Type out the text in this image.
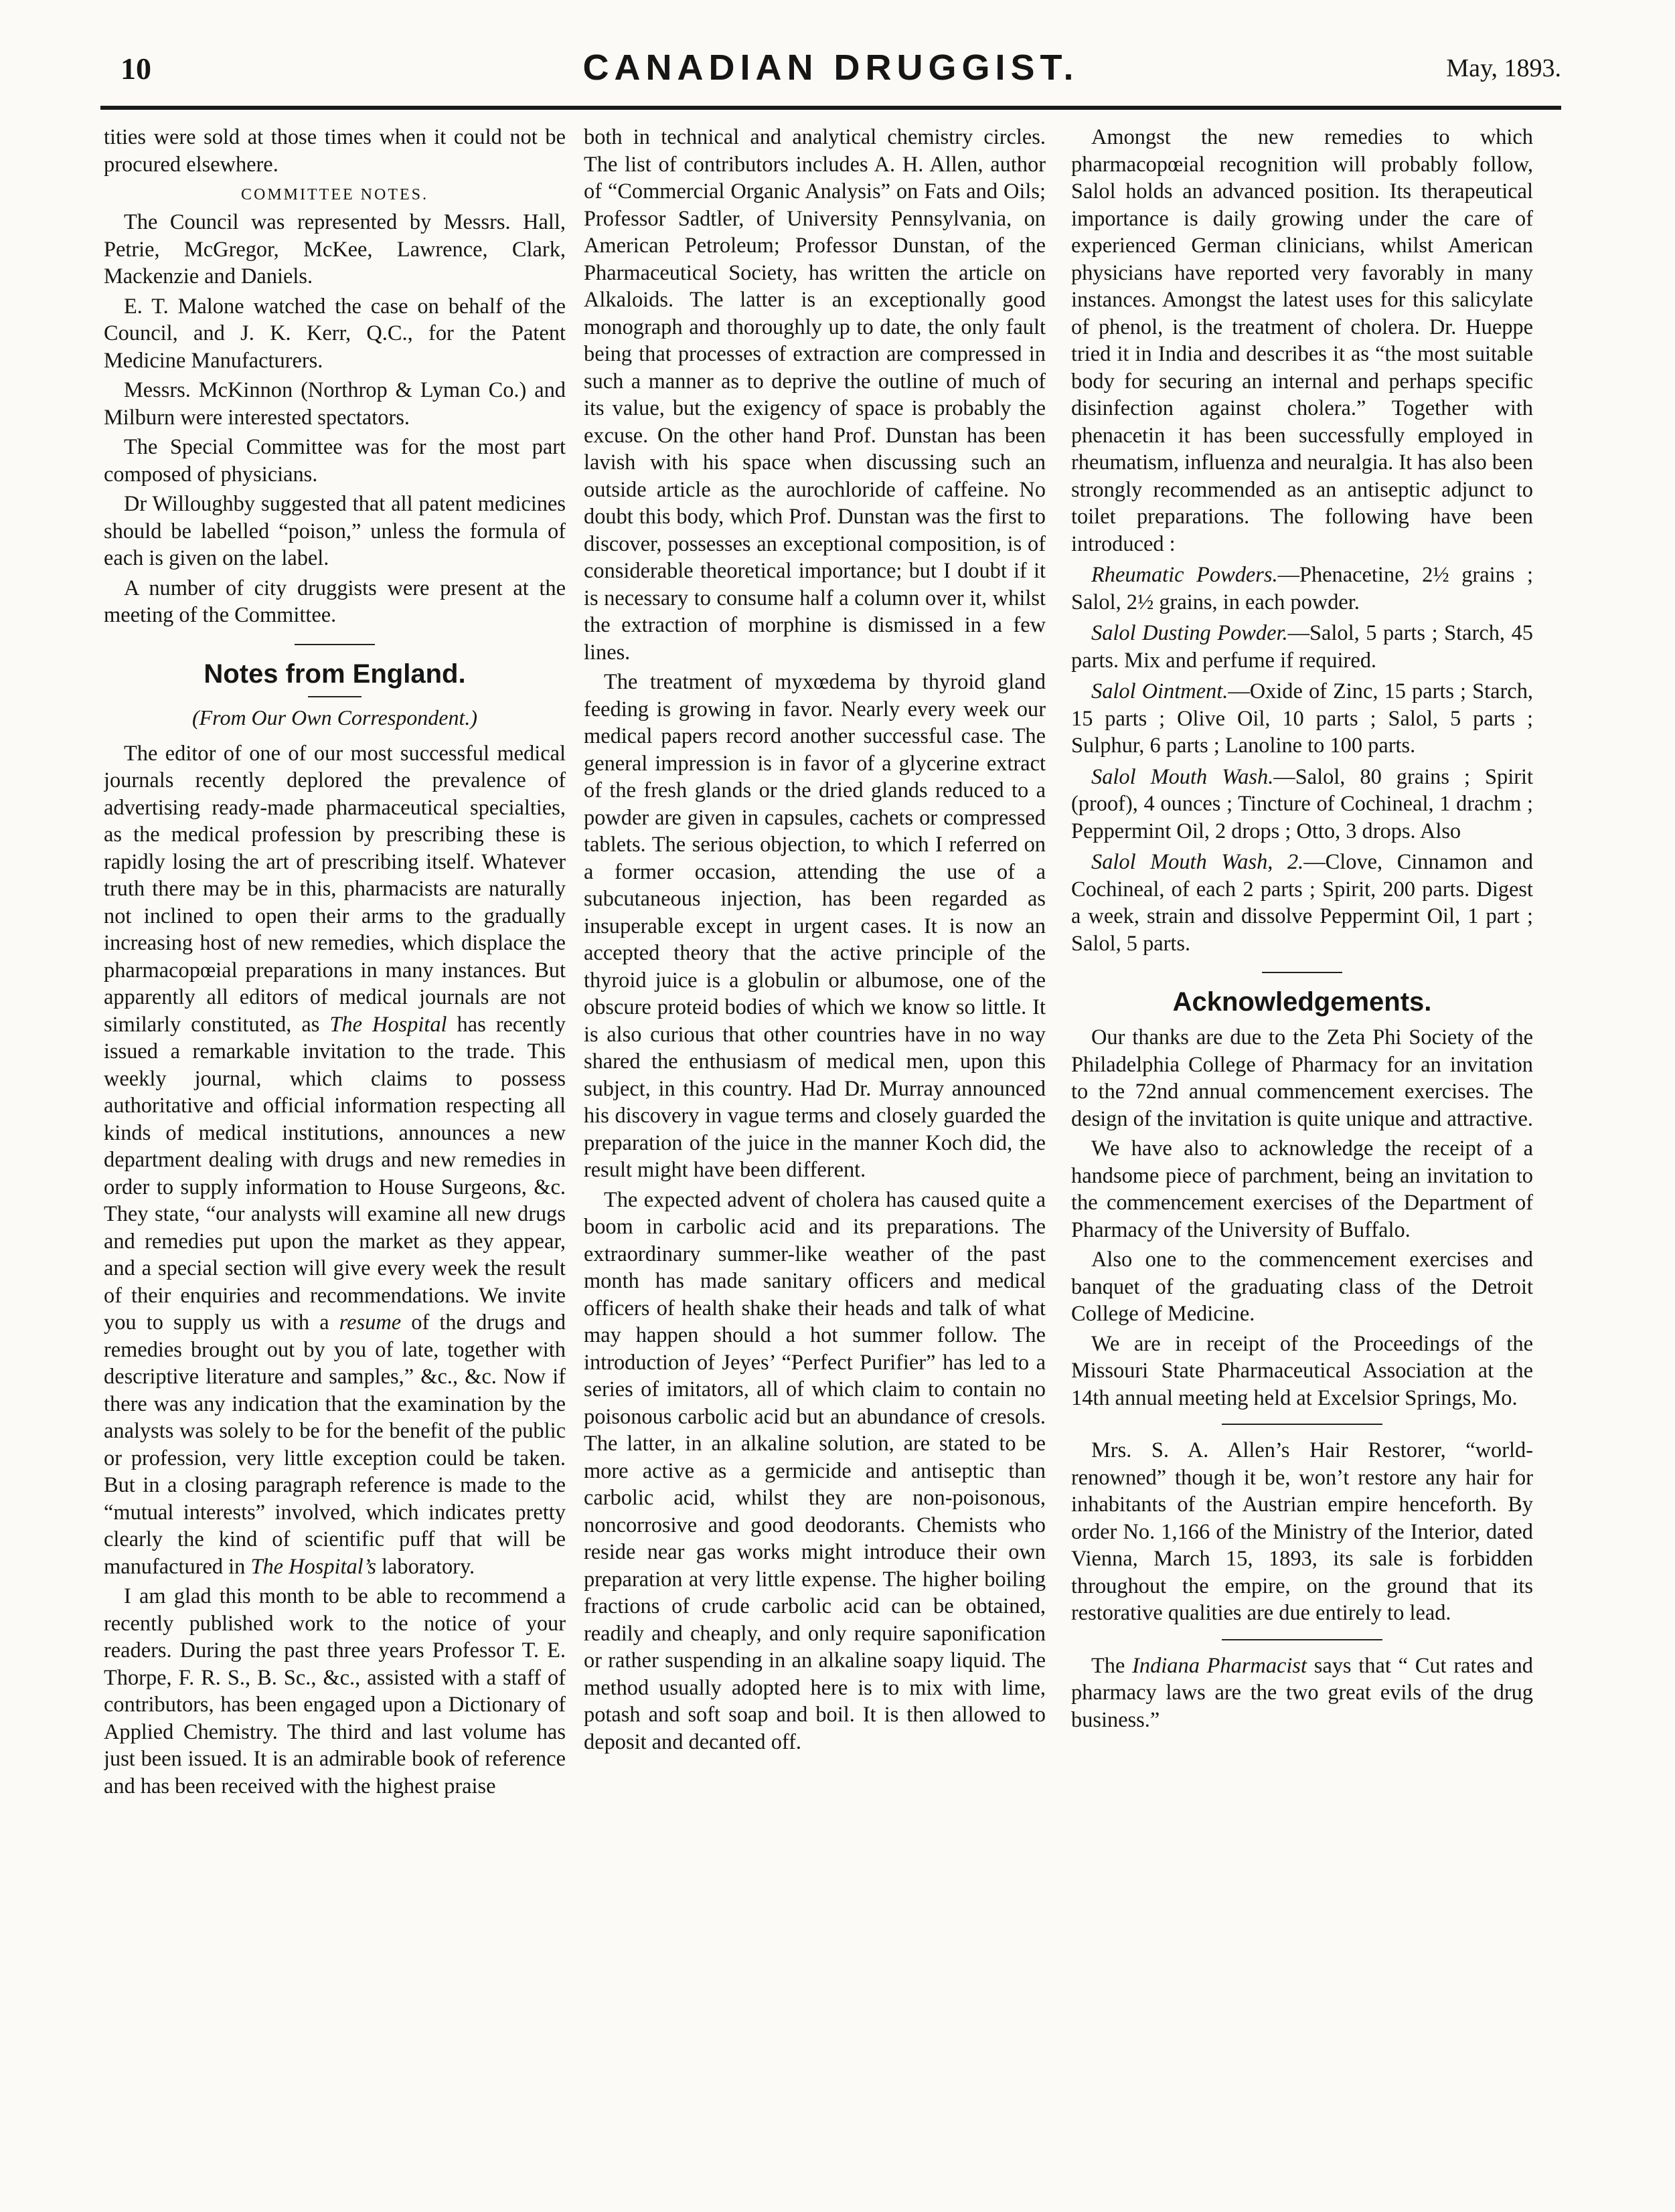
10	CANADIAN DRUGGIST.	May, 1893.

tities were sold at those times when it could not be procured elsewhere.

COMMITTEE NOTES.

The Council was represented by Messrs. Hall, Petrie, McGregor, McKee, Lawrence, Clark, Mackenzie and Daniels.

E. T. Malone watched the case on behalf of the Council, and J. K. Kerr, Q.C., for the Patent Medicine Manufacturers.

Messrs. McKinnon (Northrop & Lyman Co.) and Milburn were interested spectators.

The Special Committee was for the most part composed of physicians.

Dr Willoughby suggested that all patent medicines should be labelled “poison,” unless the formula of each is given on the label.

A number of city druggists were present at the meeting of the Committee.

Notes from England.
(From Our Own Correspondent.)

The editor of one of our most successful medical journals recently deplored the prevalence of advertising ready-made pharmaceutical specialties, as the medical profession by prescribing these is rapidly losing the art of prescribing itself. Whatever truth there may be in this, pharmacists are naturally not inclined to open their arms to the gradually increasing host of new remedies, which displace the pharmacopœial preparations in many instances. But apparently all editors of medical journals are not similarly constituted, as The Hospital has recently issued a remarkable invitation to the trade. This weekly journal, which claims to possess authoritative and official information respecting all kinds of medical institutions, announces a new department dealing with drugs and new remedies in order to supply information to House Surgeons, &c. They state, “our analysts will examine all new drugs and remedies put upon the market as they appear, and a special section will give every week the result of their enquiries and recommendations. We invite you to supply us with a resume of the drugs and remedies brought out by you of late, together with descriptive literature and samples,” &c., &c. Now if there was any indication that the examination by the analysts was solely to be for the benefit of the public or profession, very little exception could be taken. But in a closing paragraph reference is made to the “mutual interests” involved, which indicates pretty clearly the kind of scientific puff that will be manufactured in The Hospital’s laboratory.

I am glad this month to be able to recommend a recently published work to the notice of your readers. During the past three years Professor T. E. Thorpe, F. R. S., B. Sc., &c., assisted with a staff of contributors, has been engaged upon a Dictionary of Applied Chemistry. The third and last volume has just been issued. It is an admirable book of reference and has been received with the highest praise

both in technical and analytical chemistry circles. The list of contributors includes A. H. Allen, author of “Commercial Organic Analysis” on Fats and Oils; Professor Sadtler, of University Pennsylvania, on American Petroleum; Professor Dunstan, of the Pharmaceutical Society, has written the article on Alkaloids. The latter is an exceptionally good monograph and thoroughly up to date, the only fault being that processes of extraction are compressed in such a manner as to deprive the outline of much of its value, but the exigency of space is probably the excuse. On the other hand Prof. Dunstan has been lavish with his space when discussing such an outside article as the aurochloride of caffeine. No doubt this body, which Prof. Dunstan was the first to discover, possesses an exceptional composition, is of considerable theoretical importance; but I doubt if it is necessary to consume half a column over it, whilst the extraction of morphine is dismissed in a few lines.

The treatment of myxœdema by thyroid gland feeding is growing in favor. Nearly every week our medical papers record another successful case. The general impression is in favor of a glycerine extract of the fresh glands or the dried glands reduced to a powder are given in capsules, cachets or compressed tablets. The serious objection, to which I referred on a former occasion, attending the use of a subcutaneous injection, has been regarded as insuperable except in urgent cases. It is now an accepted theory that the active principle of the thyroid juice is a globulin or albumose, one of the obscure proteid bodies of which we know so little. It is also curious that other countries have in no way shared the enthusiasm of medical men, upon this subject, in this country. Had Dr. Murray announced his discovery in vague terms and closely guarded the preparation of the juice in the manner Koch did, the result might have been different.

The expected advent of cholera has caused quite a boom in carbolic acid and its preparations. The extraordinary summer-like weather of the past month has made sanitary officers and medical officers of health shake their heads and talk of what may happen should a hot summer follow. The introduction of Jeyes’ “Perfect Purifier” has led to a series of imitators, all of which claim to contain no poisonous carbolic acid but an abundance of cresols. The latter, in an alkaline solution, are stated to be more active as a germicide and antiseptic than carbolic acid, whilst they are non-poisonous, noncorrosive and good deodorants. Chemists who reside near gas works might introduce their own preparation at very little expense. The higher boiling fractions of crude carbolic acid can be obtained, readily and cheaply, and only require saponification or rather suspending in an alkaline soapy liquid. The method usually adopted here is to mix with lime, potash and soft soap and boil. It is then allowed to deposit and decanted off.

Amongst the new remedies to which pharmacopœial recognition will probably follow, Salol holds an advanced position. Its therapeutical importance is daily growing under the care of experienced German clinicians, whilst American physicians have reported very favorably in many instances. Amongst the latest uses for this salicylate of phenol, is the treatment of cholera. Dr. Hueppe tried it in India and describes it as “the most suitable body for securing an internal and perhaps specific disinfection against cholera.” Together with phenacetin it has been successfully employed in rheumatism, influenza and neuralgia. It has also been strongly recommended as an antiseptic adjunct to toilet preparations. The following have been introduced :

Rheumatic Powders.—Phenacetine, 2½ grains ; Salol, 2½ grains, in each powder.

Salol Dusting Powder.—Salol, 5 parts ; Starch, 45 parts. Mix and perfume if required.

Salol Ointment.—Oxide of Zinc, 15 parts ; Starch, 15 parts ; Olive Oil, 10 parts ; Salol, 5 parts ; Sulphur, 6 parts ; Lanoline to 100 parts.

Salol Mouth Wash.—Salol, 80 grains ; Spirit (proof), 4 ounces ; Tincture of Cochineal, 1 drachm ; Peppermint Oil, 2 drops ; Otto, 3 drops. Also

Salol Mouth Wash, 2.—Clove, Cinnamon and Cochineal, of each 2 parts ; Spirit, 200 parts. Digest a week, strain and dissolve Peppermint Oil, 1 part ; Salol, 5 parts.

Acknowledgements.

Our thanks are due to the Zeta Phi Society of the Philadelphia College of Pharmacy for an invitation to the 72nd annual commencement exercises. The design of the invitation is quite unique and attractive.

We have also to acknowledge the receipt of a handsome piece of parchment, being an invitation to the commencement exercises of the Department of Pharmacy of the University of Buffalo.

Also one to the commencement exercises and banquet of the graduating class of the Detroit College of Medicine.

We are in receipt of the Proceedings of the Missouri State Pharmaceutical Association at the 14th annual meeting held at Excelsior Springs, Mo.

Mrs. S. A. Allen’s Hair Restorer, “world-renowned” though it be, won’t restore any hair for inhabitants of the Austrian empire henceforth. By order No. 1,166 of the Ministry of the Interior, dated Vienna, March 15, 1893, its sale is forbidden throughout the empire, on the ground that its restorative qualities are due entirely to lead.

The Indiana Pharmacist says that “ Cut rates and pharmacy laws are the two great evils of the drug business.”
